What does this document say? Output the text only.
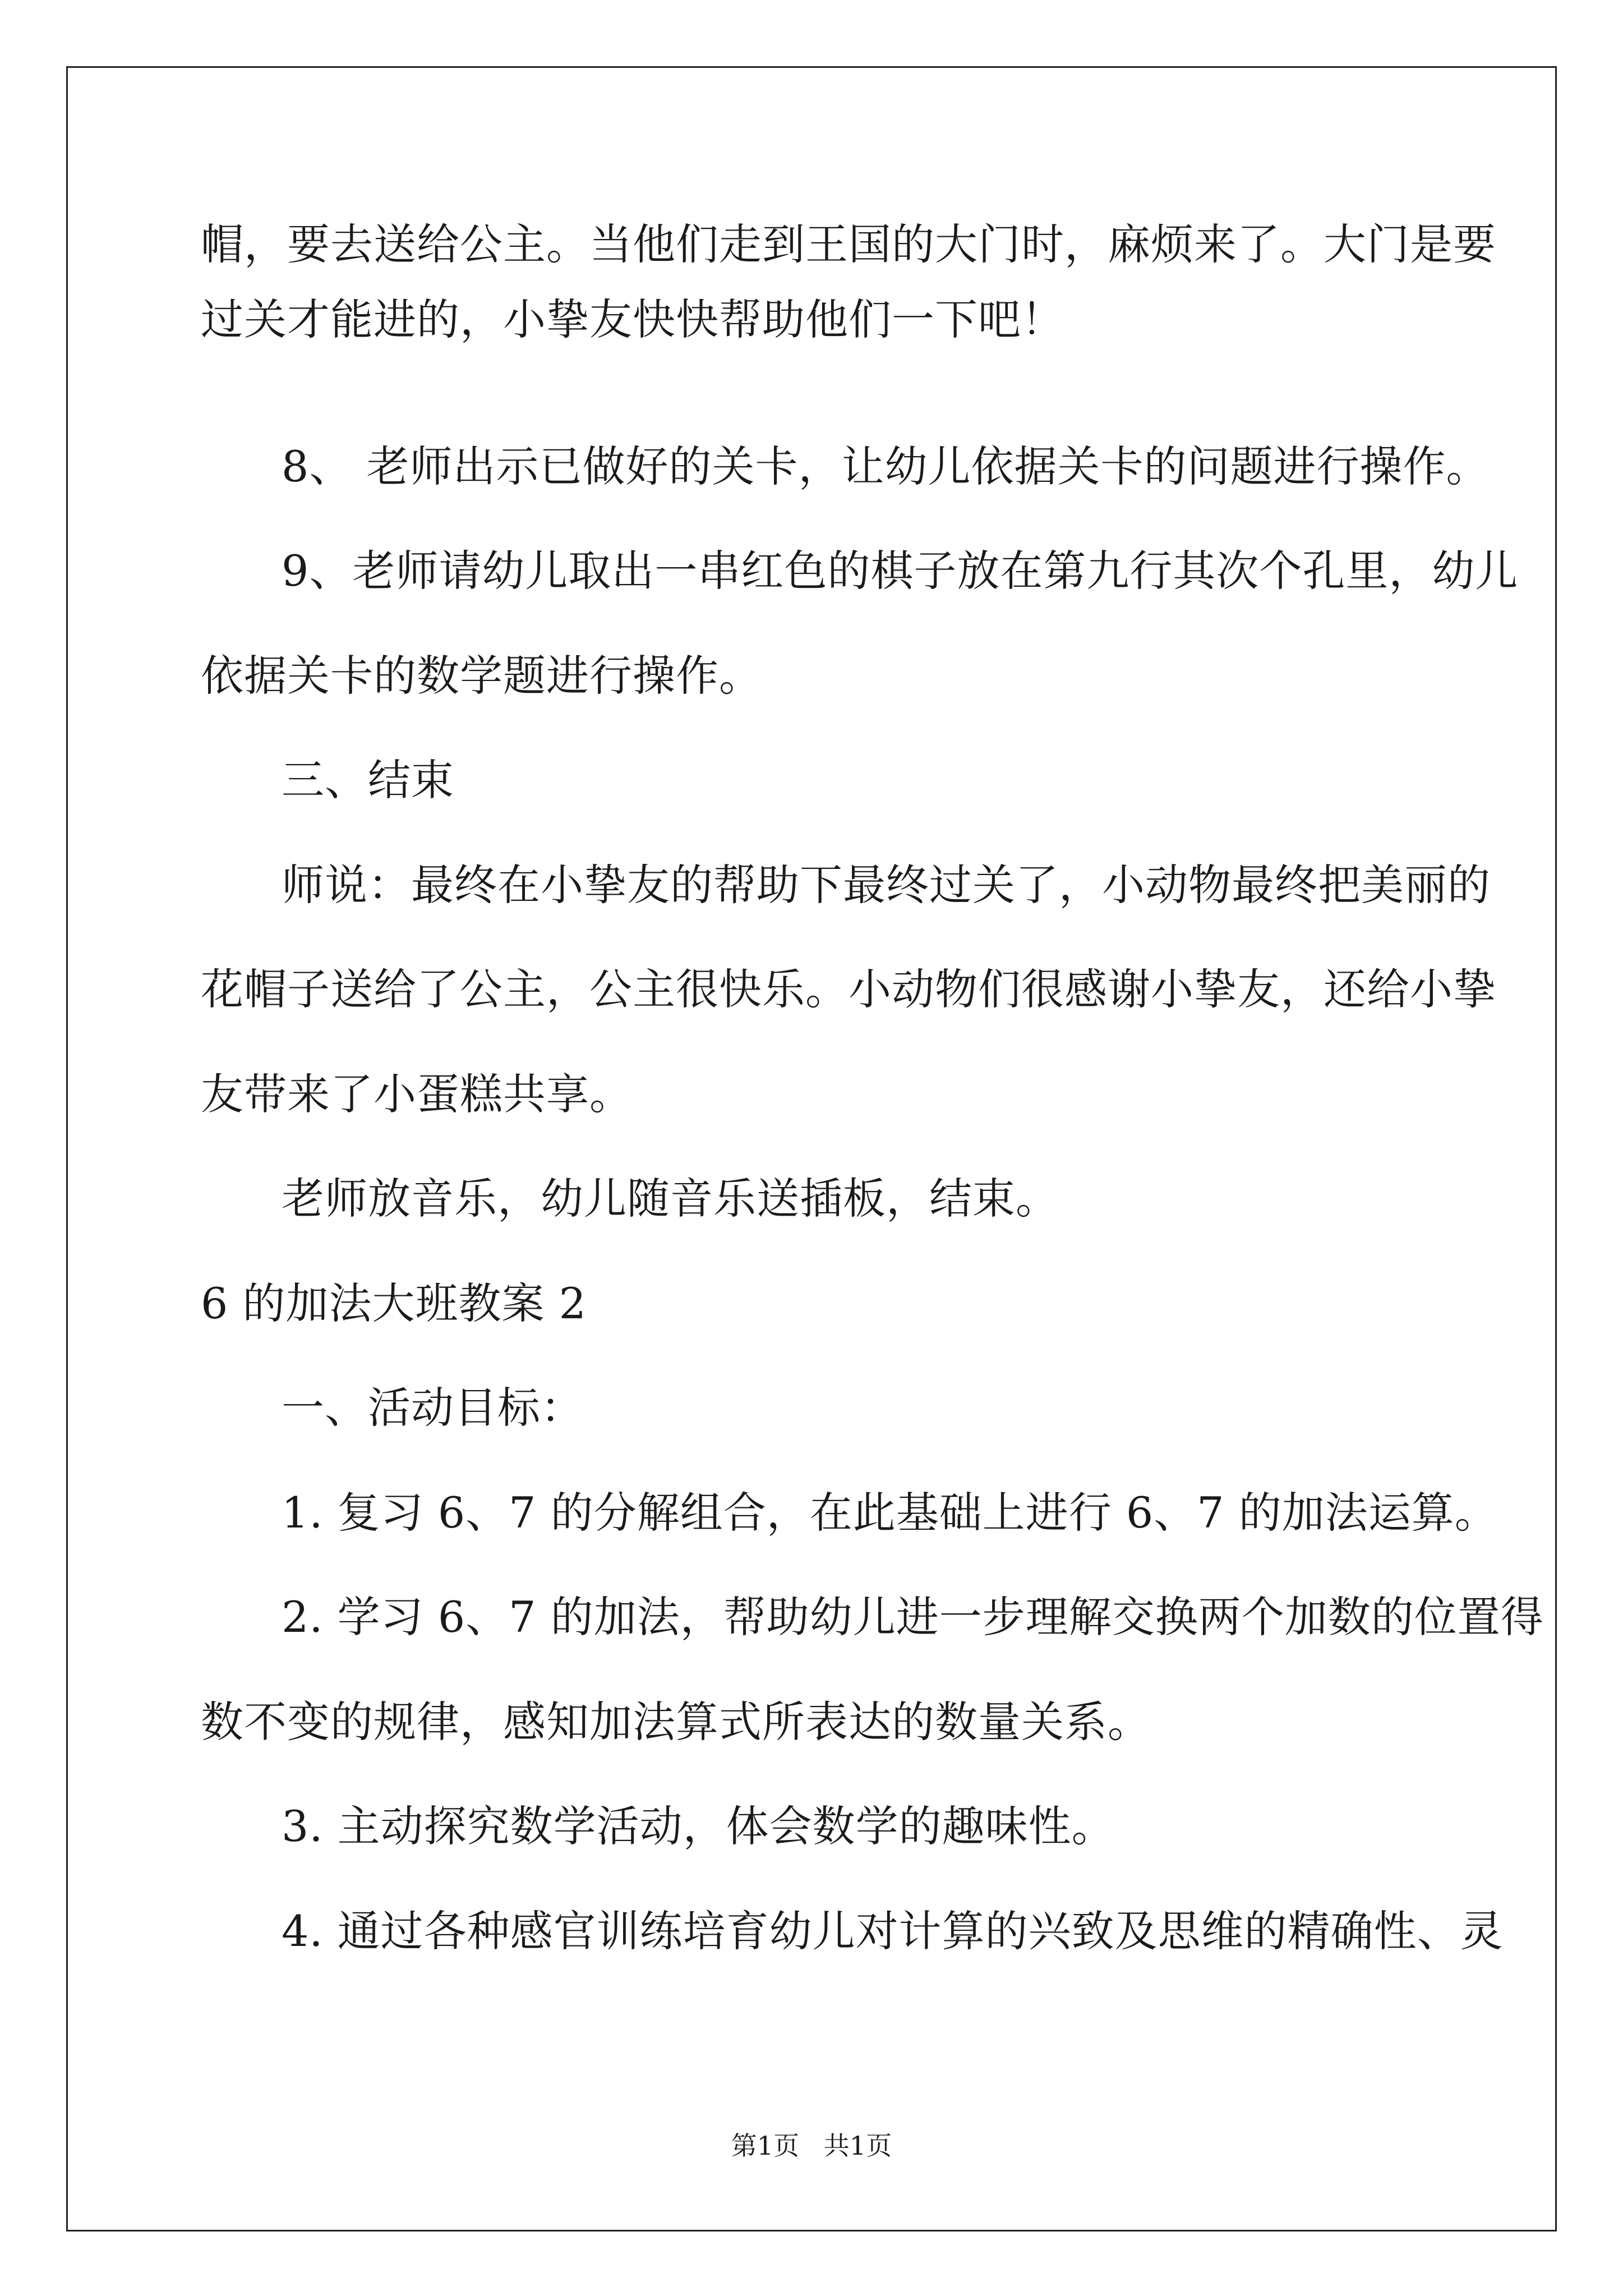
帽，要去送给公主。当他们走到王国的大门时，麻烦来了。大门是要
过关才能进的，小挚友快快帮助他们一下吧！
8、 老师出示已做好的关卡，让幼儿依据关卡的问题进行操作。
9、老师请幼儿取出一串红色的棋子放在第九行其次个孔里，幼儿
依据关卡的数学题进行操作。
三、结束
师说：最终在小挚友的帮助下最终过关了，小动物最终把美丽的
花帽子送给了公主，公主很快乐。小动物们很感谢小挚友，还给小挚
友带来了小蛋糕共享。
老师放音乐，幼儿随音乐送插板，结束。
6 的加法大班教案 2
一、活动目标：
1. 复习 6、7 的分解组合，在此基础上进行 6、7 的加法运算。
2. 学习 6、7 的加法，帮助幼儿进一步理解交换两个加数的位置得
数不变的规律，感知加法算式所表达的数量关系。
3. 主动探究数学活动，体会数学的趣味性。
4. 通过各种感官训练培育幼儿对计算的兴致及思维的精确性、灵
第1页   共1页
